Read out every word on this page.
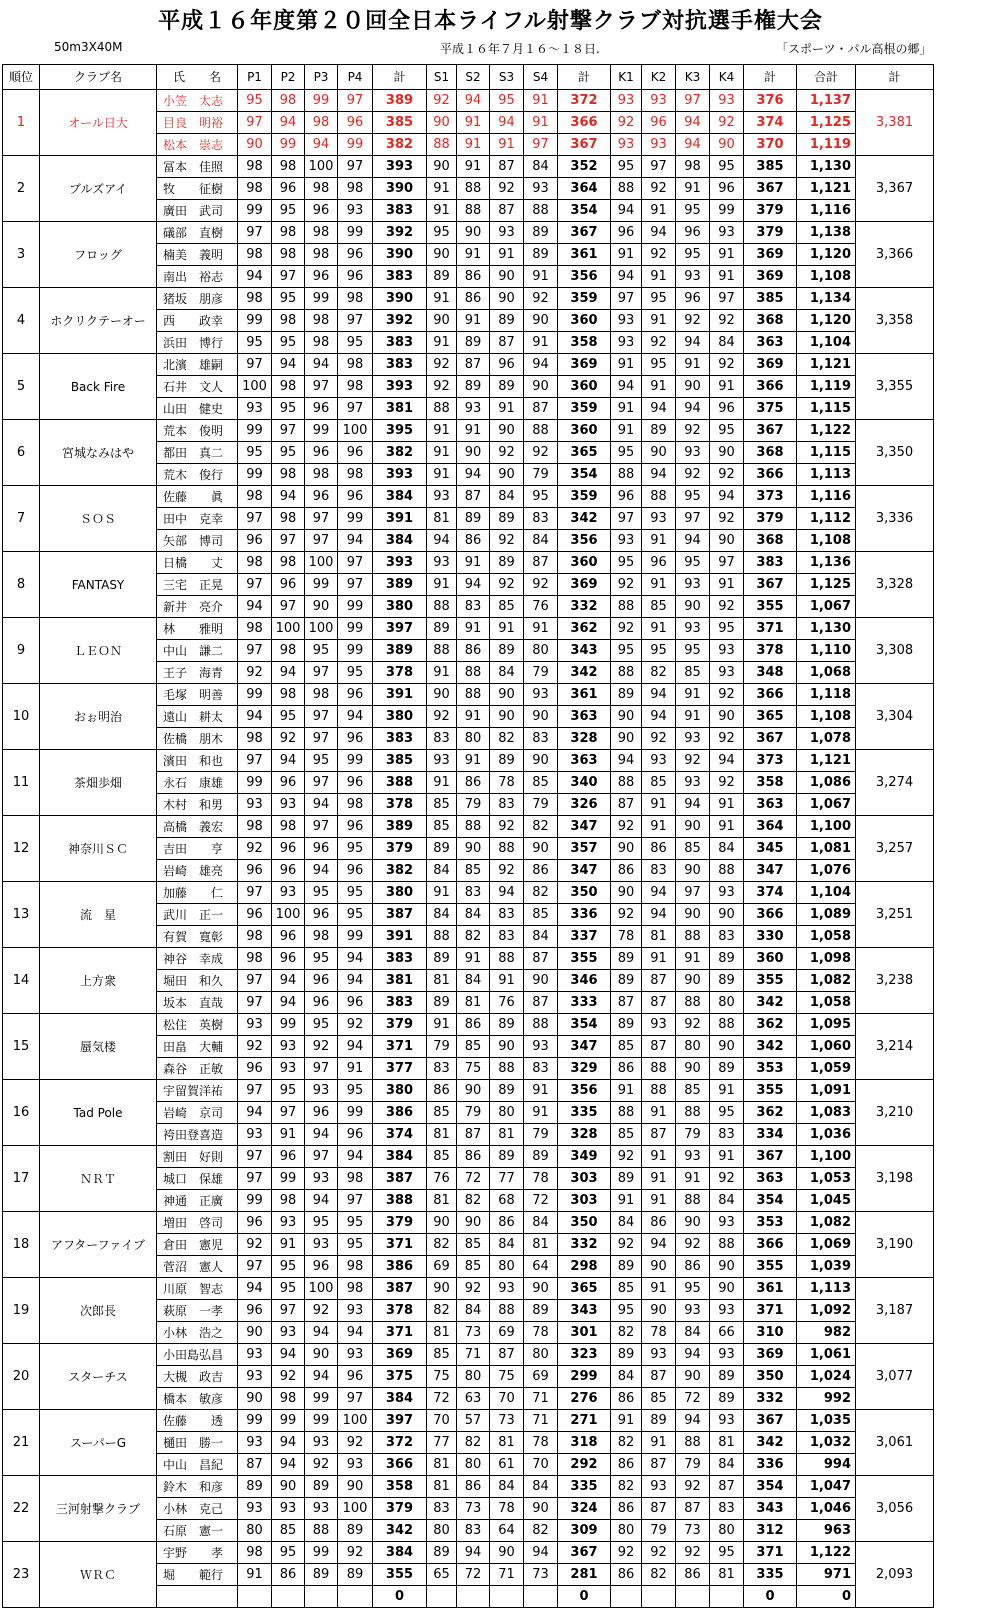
平成１６年度第２０回全日本ライフル射撃クラブ対抗選手権大会
50m3X40M	平成１６年７月１６～１８日.	「スポーツ・パル高根の郷」
順位	クラブ名	氏　　名	P1	P2	P3	P4	計	S1	S2	S3	S4	計	K1	K2	K3	K4	計	合計	計
1	オール日大	小笠　太志	95	98	99	97	389	92	94	95	91	372	93	93	97	93	376	1,137	3,381
		目良　明裕	97	94	98	96	385	90	91	94	91	366	92	96	94	92	374	1,125	
		松本　崇志	90	99	94	99	382	88	91	91	97	367	93	93	94	90	370	1,119	
2	ブルズアイ	冨本　佳照	98	98	100	97	393	90	91	87	84	352	95	97	98	95	385	1,130	3,367
		牧　　征樹	98	96	98	98	390	91	88	92	93	364	88	92	91	96	367	1,121	
		廣田　武司	99	95	96	93	383	91	88	87	88	354	94	91	95	99	379	1,116	
3	フロッグ	礒部　直樹	97	98	98	99	392	95	90	93	89	367	96	94	96	93	379	1,138	3,366
		楠美　義明	98	98	98	96	390	90	91	91	89	361	91	92	95	91	369	1,120	
		南出　裕志	94	97	96	96	383	89	86	90	91	356	94	91	93	91	369	1,108	
4	ホクリクテーオー	猪坂　朋彦	98	95	99	98	390	91	86	90	92	359	97	95	96	97	385	1,134	3,358
		西　　政幸	99	98	98	97	392	90	91	89	90	360	93	91	92	92	368	1,120	
		浜田　博行	95	95	98	95	383	91	89	87	91	358	93	92	94	84	363	1,104	
5	Back Fire	北濱　雄嗣	97	94	94	98	383	92	87	96	94	369	91	95	91	92	369	1,121	3,355
		石井　文人	100	98	97	98	393	92	89	89	90	360	94	91	90	91	366	1,119	
		山田　健史	93	95	96	97	381	88	93	91	87	359	91	94	94	96	375	1,115	
6	宮城なみはや	荒本　俊明	99	97	99	100	395	91	91	90	88	360	91	89	92	95	367	1,122	3,350
		都田　真二	95	95	96	96	382	91	90	92	92	365	95	90	93	90	368	1,115	
		荒木　俊行	99	98	98	98	393	91	94	90	79	354	88	94	92	92	366	1,113	
7	ＳＯＳ	佐藤　　眞	98	94	96	96	384	93	87	84	95	359	96	88	95	94	373	1,116	3,336
		田中　克幸	97	98	97	99	391	81	89	89	83	342	97	93	97	92	379	1,112	
		矢部　博司	96	97	97	94	384	94	86	92	84	356	93	91	94	90	368	1,108	
8	FANTASY	日橋　　丈	98	98	100	97	393	93	91	89	87	360	95	96	95	97	383	1,136	3,328
		三宅　正晃	97	96	99	97	389	91	94	92	92	369	92	91	93	91	367	1,125	
		新井　亮介	94	97	90	99	380	88	83	85	76	332	88	85	90	92	355	1,067	
9	ＬＥＯＮ	林　　雅明	98	100	100	99	397	89	91	91	91	362	92	91	93	95	371	1,130	3,308
		中山　謙二	97	98	95	99	389	88	86	89	80	343	95	95	95	93	378	1,110	
		王子　海青	92	94	97	95	378	91	88	84	79	342	88	82	85	93	348	1,068	
10	おぉ明治	毛塚　明善	99	98	98	96	391	90	88	90	93	361	89	94	91	92	366	1,118	3,304
		遠山　耕太	94	95	97	94	380	92	91	90	90	363	90	94	91	90	365	1,108	
		佐橋　朋木	98	92	97	96	383	83	80	82	83	328	90	92	93	92	367	1,078	
11	茶畑歩畑	濱田　和也	97	94	95	99	385	93	91	89	90	363	94	93	92	94	373	1,121	3,274
		永石　康雄	99	96	97	96	388	91	86	78	85	340	88	85	93	92	358	1,086	
		木村　和男	93	93	94	98	378	85	79	83	79	326	87	91	94	91	363	1,067	
12	神奈川ＳＣ	高橋　義宏	98	98	97	96	389	85	88	92	82	347	92	91	90	91	364	1,100	3,257
		吉田　　亨	92	96	96	95	379	89	90	88	90	357	90	86	85	84	345	1,081	
		岩崎　雄亮	96	96	94	96	382	84	85	92	86	347	86	83	90	88	347	1,076	
13	流　星	加藤　　仁	97	93	95	95	380	91	83	94	82	350	90	94	97	93	374	1,104	3,251
		武川　正一	96	100	96	95	387	84	84	83	85	336	92	94	90	90	366	1,089	
		有賀　寛彰	98	96	98	99	391	88	82	83	84	337	78	81	88	83	330	1,058	
14	上方衆	神谷　幸成	98	96	95	94	383	89	91	88	87	355	89	91	91	89	360	1,098	3,238
		堀田　和久	97	94	96	94	381	81	84	91	90	346	89	87	90	89	355	1,082	
		坂本　直哉	97	94	96	96	383	89	81	76	87	333	87	87	88	80	342	1,058	
15	蜃気楼	松住　英樹	93	99	95	92	379	91	86	89	88	354	89	93	92	88	362	1,095	3,214
		田畠　大輔	92	93	92	94	371	79	85	90	93	347	85	87	80	90	342	1,060	
		森谷　正敏	96	93	97	91	377	83	75	88	83	329	86	88	90	89	353	1,059	
16	Tad Pole	宇留賀洋祐	97	95	93	95	380	86	90	89	91	356	91	88	85	91	355	1,091	3,210
		岩崎　京司	94	97	96	99	386	85	79	80	91	335	88	91	88	95	362	1,083	
		袴田登喜造	93	91	94	96	374	81	87	81	79	328	85	87	79	83	334	1,036	
17	ＮＲＴ	割田　好則	97	96	97	94	384	85	86	89	89	349	92	91	93	91	367	1,100	3,198
		城口　保雄	97	99	93	98	387	76	72	77	78	303	89	91	91	92	363	1,053	
		神通　正廣	99	98	94	97	388	81	82	68	72	303	91	91	88	84	354	1,045	
18	アフターファイブ	増田　啓司	96	93	95	95	379	90	90	86	84	350	84	86	90	93	353	1,082	3,190
		倉田　憲児	92	91	93	95	371	82	85	84	81	332	92	94	92	88	366	1,069	
		菅沼　憲人	97	95	96	98	386	69	85	80	64	298	89	90	86	90	355	1,039	
19	次郎長	川原　智志	94	95	100	98	387	90	92	93	90	365	85	91	95	90	361	1,113	3,187
		萩原　一孝	96	97	92	93	378	82	84	88	89	343	95	90	93	93	371	1,092	
		小林　浩之	90	93	94	94	371	81	73	69	78	301	82	78	84	66	310	982	
20	スターチス	小田島弘昌	93	94	90	93	369	85	71	87	80	323	89	93	94	93	369	1,061	3,077
		大槻　政吉	93	92	94	96	375	75	80	75	69	299	84	87	90	89	350	1,024	
		橋本　敏彦	90	98	99	97	384	72	63	70	71	276	86	85	72	89	332	992	
21	スーパーG	佐藤　　透	99	99	99	100	397	70	57	73	71	271	91	89	94	93	367	1,035	3,061
		樋田　勝一	93	94	93	92	372	77	82	81	78	318	82	91	88	81	342	1,032	
		中山　昌紀	87	94	92	93	366	81	80	61	70	292	86	87	79	84	336	994	
22	三河射撃クラブ	鈴木　和彦	89	90	89	90	358	81	86	84	84	335	82	93	92	87	354	1,047	3,056
		小林　克己	93	93	93	100	379	83	73	78	90	324	86	87	87	83	343	1,046	
		石原　憲一	80	85	88	89	342	80	83	64	82	309	80	79	73	80	312	963	
23	ＷＲＣ	宇野　　孝	98	95	99	92	384	89	94	90	94	367	92	92	92	95	371	1,122	2,093
		堀　　範行	91	86	89	89	355	65	72	71	73	281	86	82	86	81	335	971	
							0					0					0	0	
